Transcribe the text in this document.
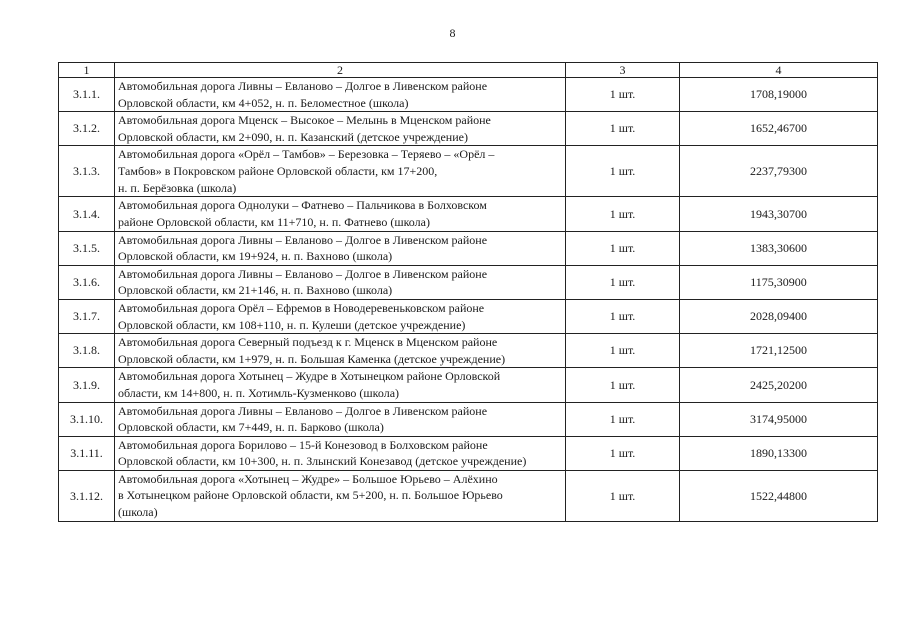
8
1	2	3	4
3.1.1.	Автомобильная дорога Ливны – Евланово – Долгое в Ливенском районе
Орловской области, км 4+052, н. п. Беломестное (школа)	1 шт.	1708,19000
3.1.2.	Автомобильная дорога Мценск – Высокое – Мелынь в Мценском районе
Орловской области, км 2+090, н. п. Казанский (детское учреждение)	1 шт.	1652,46700
3.1.3.	Автомобильная дорога «Орёл – Тамбов» – Березовка – Теряево – «Орёл –
Тамбов» в Покровском районе Орловской области, км 17+200,
н. п. Берёзовка (школа)	1 шт.	2237,79300
3.1.4.	Автомобильная дорога Однолуки – Фатнево – Пальчикова в Болховском
районе Орловской области, км 11+710, н. п. Фатнево (школа)	1 шт.	1943,30700
3.1.5.	Автомобильная дорога Ливны – Евланово – Долгое в Ливенском районе
Орловской области, км 19+924, н. п. Вахново (школа)	1 шт.	1383,30600
3.1.6.	Автомобильная дорога Ливны – Евланово – Долгое в Ливенском районе
Орловской области, км 21+146, н. п. Вахново (школа)	1 шт.	1175,30900
3.1.7.	Автомобильная дорога Орёл – Ефремов в Новодеревеньковском районе
Орловской области, км 108+110, н. п. Кулеши (детское учреждение)	1 шт.	2028,09400
3.1.8.	Автомобильная дорога Северный подъезд к г. Мценск в Мценском районе
Орловской области, км 1+979, н. п. Большая Каменка (детское учреждение)	1 шт.	1721,12500
3.1.9.	Автомобильная дорога Хотынец – Жудре в Хотынецком районе Орловской
области, км 14+800, н. п. Хотимль-Кузменково (школа)	1 шт.	2425,20200
3.1.10.	Автомобильная дорога Ливны – Евланово – Долгое в Ливенском районе
Орловской области, км 7+449, н. п. Барково (школа)	1 шт.	3174,95000
3.1.11.	Автомобильная дорога Борилово – 15-й Конезовод в Болховском районе
Орловской области, км 10+300, н. п. Злынский Конезавод (детское учреждение)	1 шт.	1890,13300
3.1.12.	Автомобильная дорога «Хотынец – Жудре» – Большое Юрьево – Алёхино
в Хотынецком районе Орловской области, км 5+200, н. п. Большое Юрьево
(школа)	1 шт.	1522,44800
